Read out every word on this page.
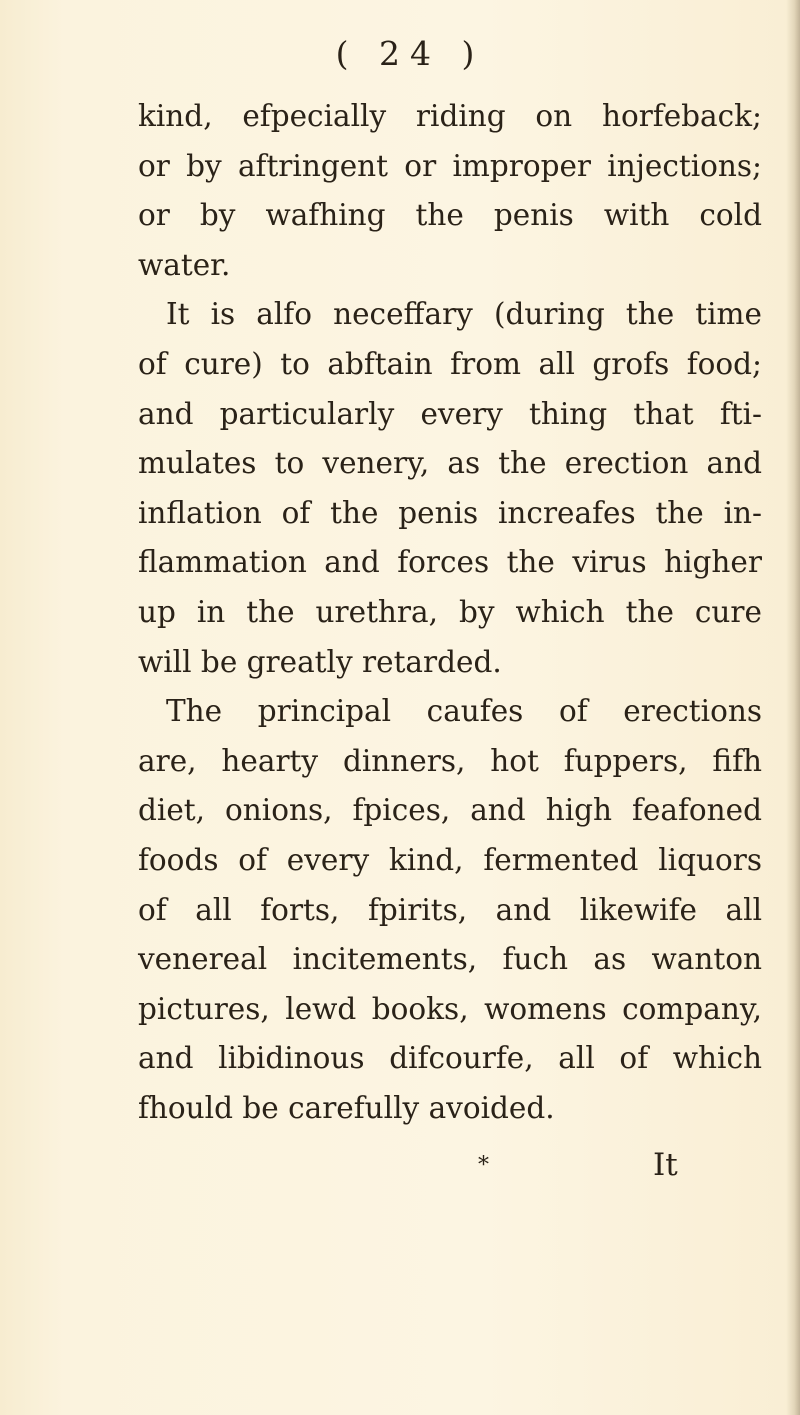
( 24 )
kind, efpecially riding on horfeback;
or by aftringent or improper injections;
or by wafhing the penis with cold
water.
It is alfo neceffary (during the time
of cure) to abftain from all grofs food;
and particularly every thing that fti-
mulates to venery, as the erection and
inflation of the penis increafes the in-
flammation and forces the virus higher
up in the urethra, by which the cure
will be greatly retarded.
The principal caufes of erections
are, hearty dinners, hot fuppers, fifh
diet, onions, fpices, and high feafoned
foods of every kind, fermented liquors
of all forts, fpirits, and likewife all
venereal incitements, fuch as wanton
pictures, lewd books, womens company,
and libidinous difcourfe, all of which
fhould be carefully avoided.
*	It
